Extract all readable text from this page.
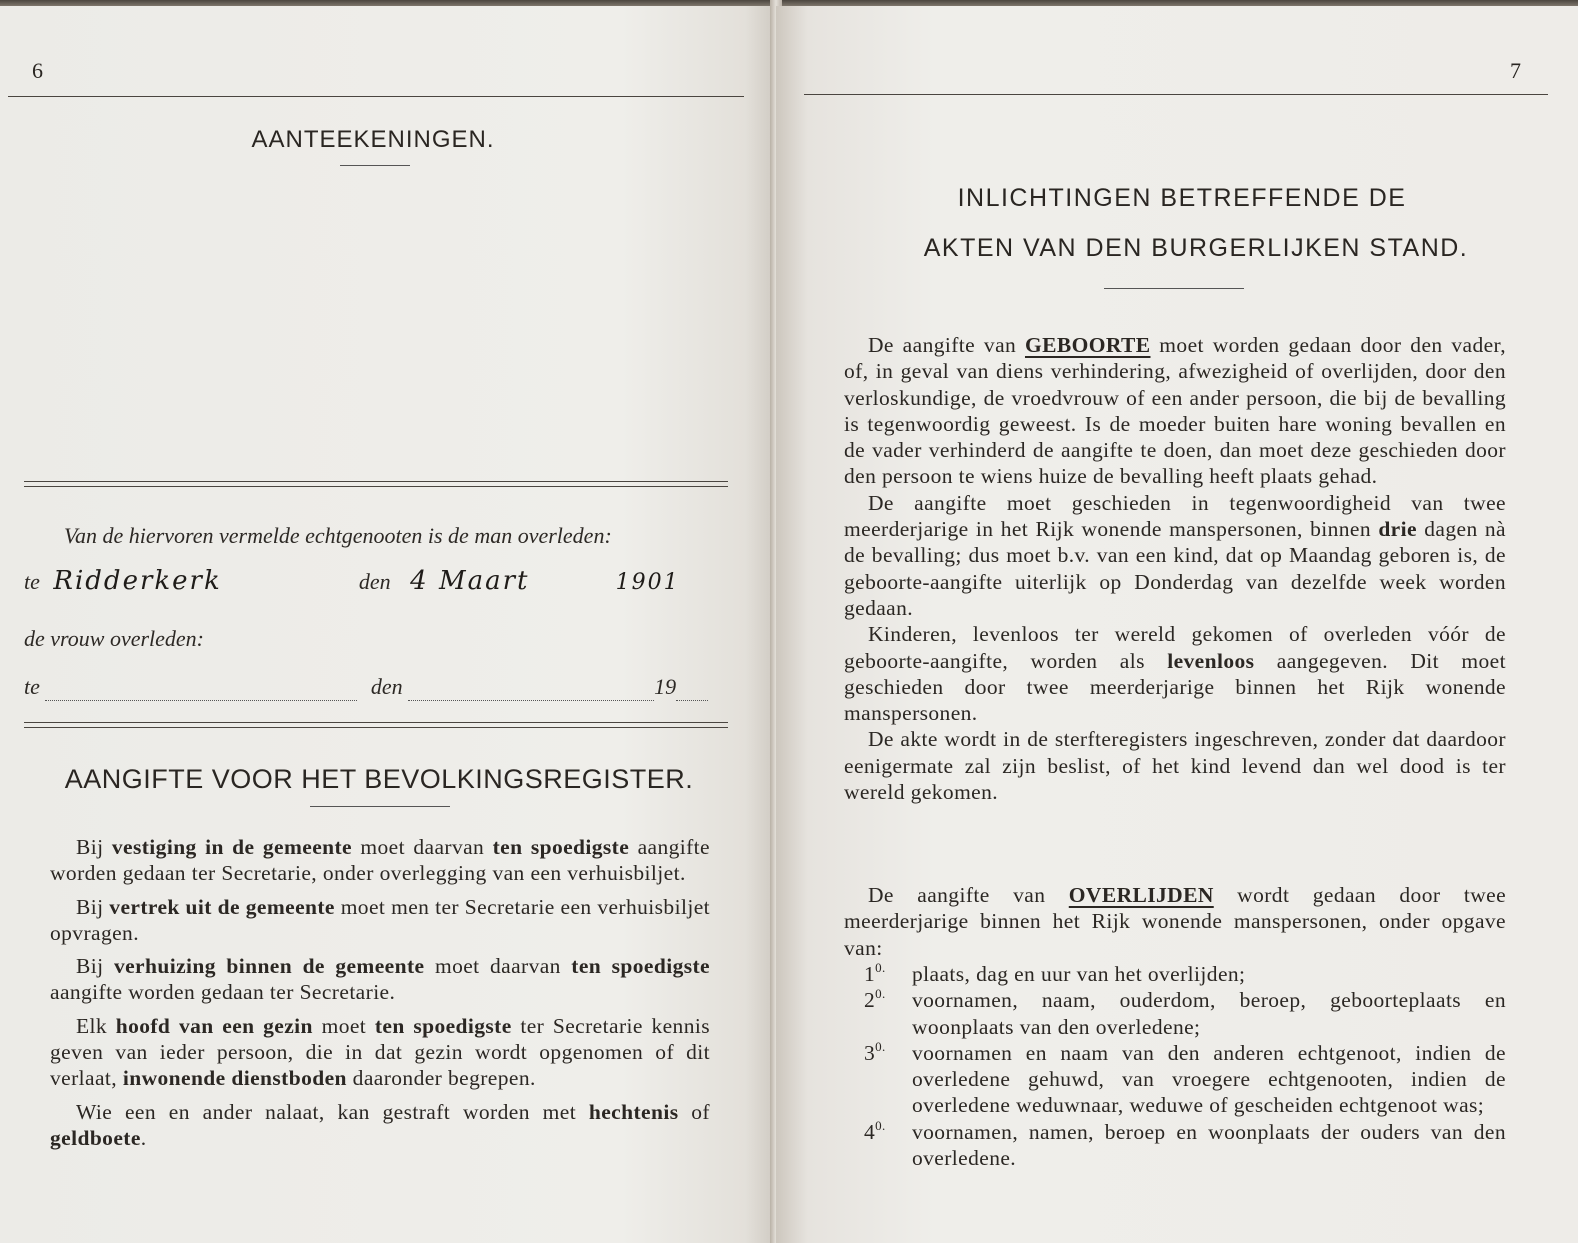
6
AANTEEKENINGEN.
Van de hiervoren vermelde echtgenooten is de man overleden:
te Ridderkerk	den 4 Maart	1901
de vrouw overleden:
te	den	19
AANGIFTE VOOR HET BEVOLKINGSREGISTER.

Bij vestiging in de gemeente moet daarvan ten spoedigste aangifte worden gedaan ter Secretarie, onder overlegging van een verhuisbiljet.

Bij vertrek uit de gemeente moet men ter Secretarie een verhuisbiljet opvragen.

Bij verhuizing binnen de gemeente moet daarvan ten spoedigste aangifte worden gedaan ter Secretarie.

Elk hoofd van een gezin moet ten spoedigste ter Secretarie kennis geven van ieder persoon, die in dat gezin wordt opgenomen of dit verlaat, inwonende dienstboden daaronder begrepen.

Wie een en ander nalaat, kan gestraft worden met hechtenis of geldboete.

7
INLICHTINGEN BETREFFENDE DE
AKTEN VAN DEN BURGERLIJKEN STAND.

De aangifte van GEBOORTE moet worden gedaan door den vader, of, in geval van diens verhindering, afwezigheid of overlijden, door den verloskundige, de vroedvrouw of een ander persoon, die bij de bevalling is tegenwoordig geweest. Is de moeder buiten hare woning bevallen en de vader verhinderd de aangifte te doen, dan moet deze geschieden door den persoon te wiens huize de bevalling heeft plaats gehad.

De aangifte moet geschieden in tegenwoordigheid van twee meerderjarige in het Rijk wonende manspersonen, binnen drie dagen nà de bevalling; dus moet b.v. van een kind, dat op Maandag geboren is, de geboorte-aangifte uiterlijk op Donderdag van dezelfde week worden gedaan.

Kinderen, levenloos ter wereld gekomen of overleden vóór de geboorte-aangifte, worden als levenloos aangegeven. Dit moet geschieden door twee meerderjarige binnen het Rijk wonende manspersonen.

De akte wordt in de sterfteregisters ingeschreven, zonder dat daardoor eenigermate zal zijn beslist, of het kind levend dan wel dood is ter wereld gekomen.

De aangifte van OVERLIJDEN wordt gedaan door twee meerderjarige binnen het Rijk wonende manspersonen, onder opgave van:

$1^{0.}$	plaats, dag en uur van het overlijden;
$2^{0.}$	voornamen, naam, ouderdom, beroep, geboorteplaats en woonplaats van den overledene;
$3^{0.}$	voornamen en naam van den anderen echtgenoot, indien de overledene gehuwd, van vroegere echtgenooten, indien de overledene weduwnaar, weduwe of gescheiden echtgenoot was;
$4^{0.}$	voornamen, namen, beroep en woonplaats der ouders van den overledene.
